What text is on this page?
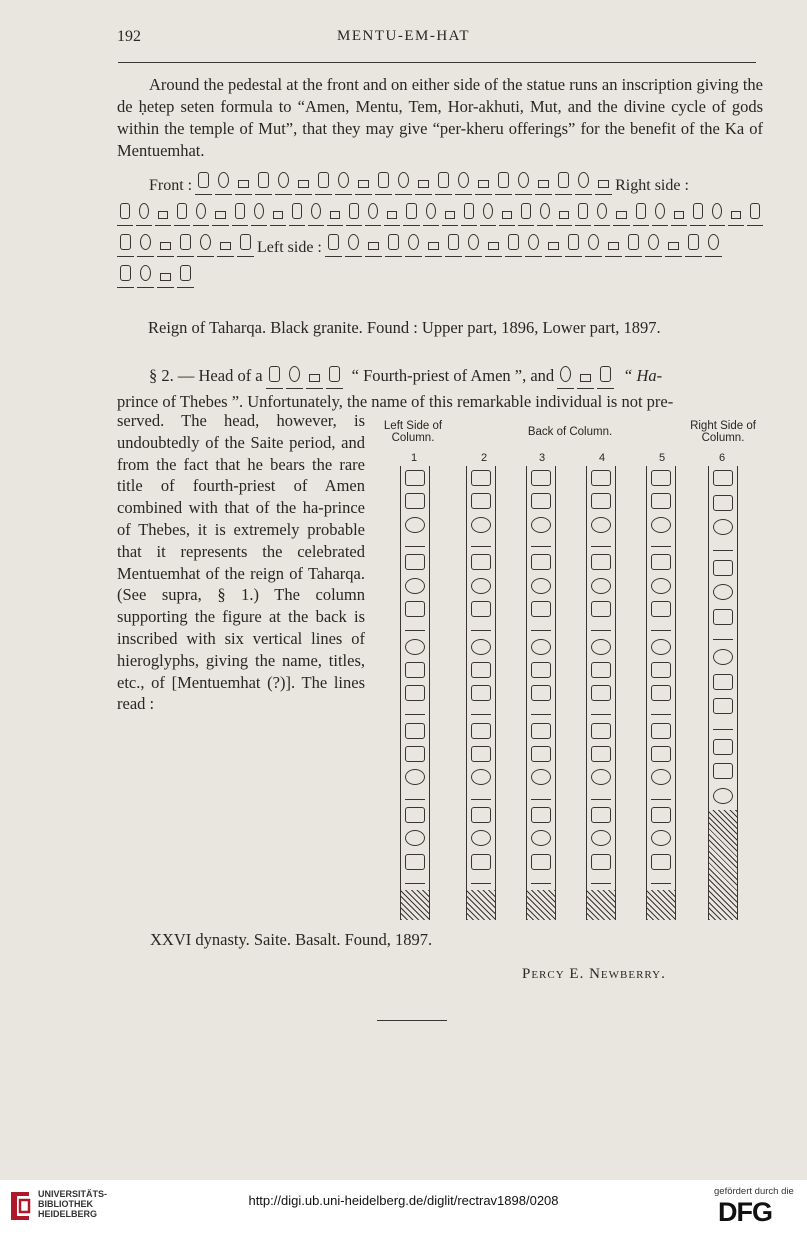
192	MENTU-EM-HAT

Around the pedestal at the front and on either side of the statue runs an inscription giving the de ḥetep seten formula to “Amen, Mentu, Tem, Hor-akhuti, Mut, and the divine cycle of gods within the temple of Mut”, that they may give “per-kheru offerings” for the benefit of the Ka of Mentuemhat.

Front :	Right side :
Left side :
Reign of Taharqa. Black granite. Found : Upper part, 1896, Lower part, 1897.
§ 2. — Head of a	“ Fourth-priest of Amen ”, and	“ Ha-
prince of Thebes ”. Unfortunately, the name of this remarkable individual is not pre-
served. The head, however, is undoubtedly of the Saite period, and from the fact that he bears the rare title of fourth-priest of Amen combined with that of the ha-prince of Thebes, it is extremely probable that it represents the celebrated Mentuemhat of the reign of Taharqa. (See supra, § 1.) The column supporting the figure at the back is inscribed with six vertical lines of hieroglyphs, giving the name, titles, etc., of [Mentuemhat (?)]. The lines read :
Left Side of Column.	Back of Column.	Right Side of Column.
1	2	3	4	5	6
XXVI dynasty. Saite. Basalt. Found, 1897.
Percy E. Newberry.
UNIVERSITÄTS-
BIBLIOTHEK
HEIDELBERG
http://digi.ub.uni-heidelberg.de/diglit/rectrav1898/0208
gefördert durch die
DFG
